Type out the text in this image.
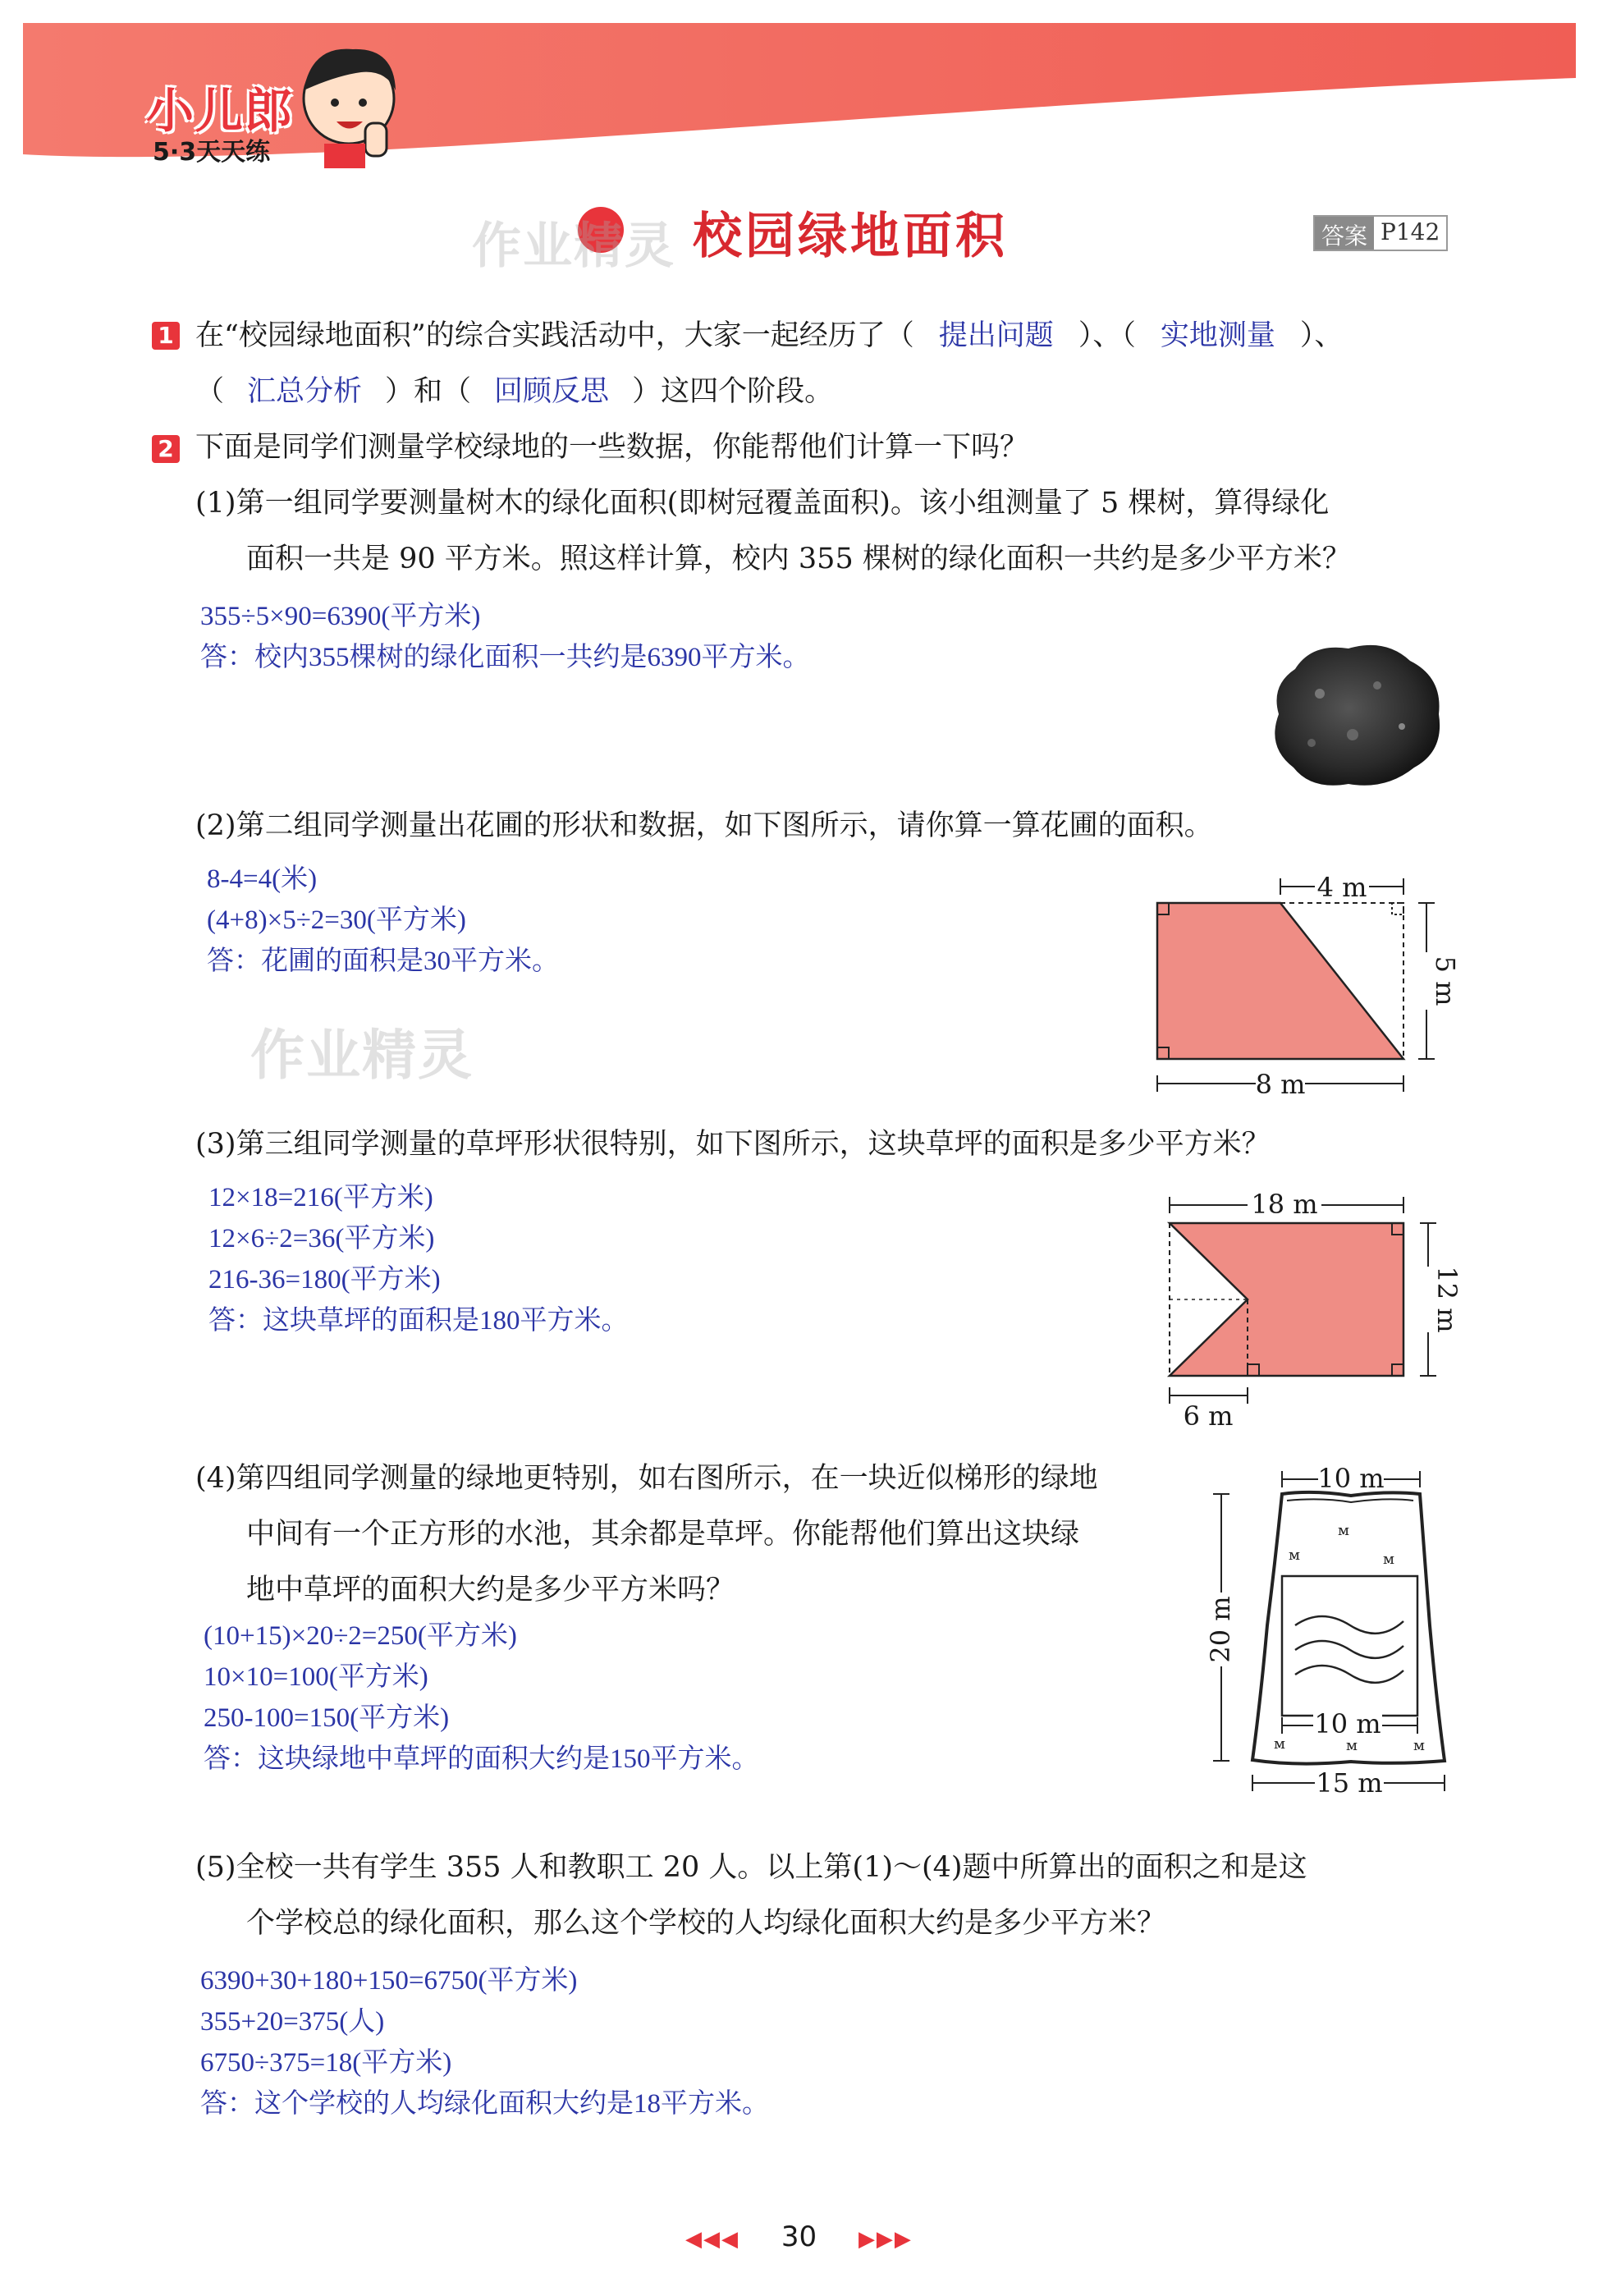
小儿郎
5·3天天练
作业精灵 校园绿地面积	答案 P142
1 在“校园绿地面积”的综合实践活动中，大家一起经历了（ 提出问题 ）、（ 实地测量 ）、
（ 汇总分析 ）和（ 回顾反思 ）这四个阶段。
2 下面是同学们测量学校绿地的一些数据，你能帮他们计算一下吗？
(1)第一组同学要测量树木的绿化面积(即树冠覆盖面积)。该小组测量了 5 棵树，算得绿化
面积一共是 90 平方米。照这样计算，校内 355 棵树的绿化面积一共约是多少平方米？
355÷5×90=6390(平方米)
答：校内355棵树的绿化面积一共约是6390平方米。
(2)第二组同学测量出花圃的形状和数据，如下图所示，请你算一算花圃的面积。
8-4=4(米)
(4+8)×5÷2=30(平方米)
答：花圃的面积是30平方米。
作业精灵
4 m
5 m
8 m
(3)第三组同学测量的草坪形状很特别，如下图所示，这块草坪的面积是多少平方米？
12×18=216(平方米)
12×6÷2=36(平方米)
216-36=180(平方米)
答：这块草坪的面积是180平方米。
18 m
12 m
6 m
(4)第四组同学测量的绿地更特别，如右图所示，在一块近似梯形的绿地
中间有一个正方形的水池，其余都是草坪。你能帮他们算出这块绿
地中草坪的面积大约是多少平方米吗？
(10+15)×20÷2=250(平方米)
10×10=100(平方米)
250-100=150(平方米)
答：这块绿地中草坪的面积大约是150平方米。
10 m
ᴍ
ᴍ	ᴍ
ᴍ	ᴍ	ᴍ
10 m
20 m
15 m
(5)全校一共有学生 355 人和教职工 20 人。以上第(1)～(4)题中所算出的面积之和是这
个学校总的绿化面积，那么这个学校的人均绿化面积大约是多少平方米？
6390+30+180+150=6750(平方米)
355+20=375(人)
6750÷375=18(平方米)
答：这个学校的人均绿化面积大约是18平方米。
◀◀◀ 30 ▶▶▶
